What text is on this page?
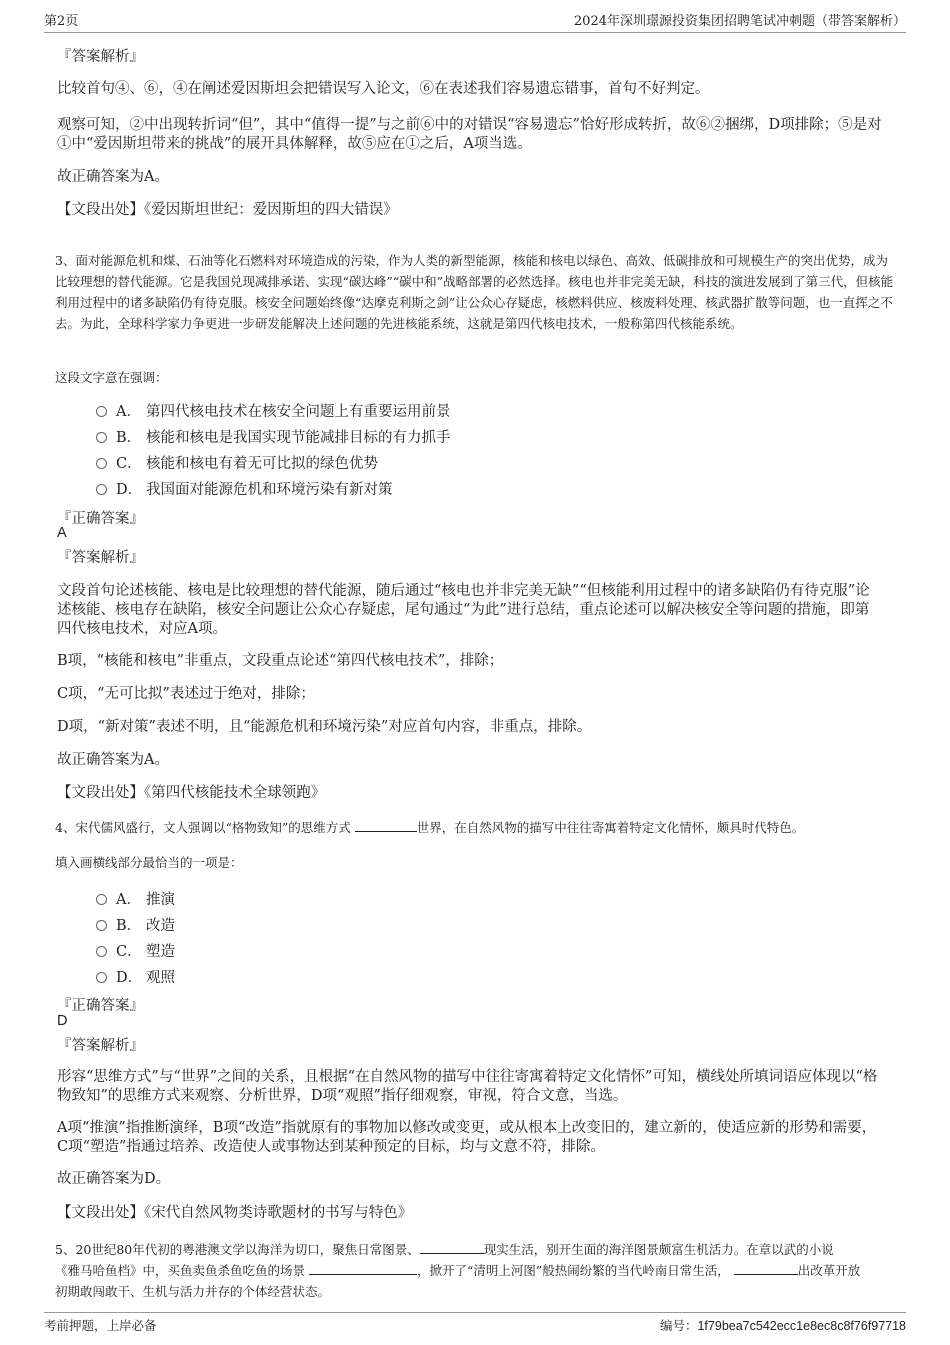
第2页	2024年深圳璟源投资集团招聘笔试冲刺题（带答案解析）
『答案解析』

比较首句④、⑥，④在阐述爱因斯坦会把错误写入论文，⑥在表述我们容易遗忘错事，首句不好判定。

观察可知，②中出现转折词“但”，其中“值得一提”与之前⑥中的对错误“容易遗忘”恰好形成转折，故⑥②捆绑，D项排除；⑤是对①中“爱因斯坦带来的挑战”的展开具体解释，故⑤应在①之后，A项当选。

故正确答案为A。

【文段出处】《爱因斯坦世纪：爱因斯坦的四大错误》

3、面对能源危机和煤、石油等化石燃料对环境造成的污染，作为人类的新型能源，核能和核电以绿色、高效、低碳排放和可规模生产的突出优势，成为比较理想的替代能源。它是我国兑现减排承诺、实现“碳达峰”“碳中和”战略部署的必然选择。核电也并非完美无缺，科技的演进发展到了第三代，但核能利用过程中的诸多缺陷仍有待克服。核安全问题始终像“达摩克利斯之剑”让公众心存疑虑，核燃料供应、核废料处理、核武器扩散等问题，也一直挥之不去。为此，全球科学家力争更进一步研发能解决上述问题的先进核能系统，这就是第四代核电技术，一般称第四代核能系统。

这段文字意在强调：

A． 第四代核电技术在核安全问题上有重要运用前景
B． 核能和核电是我国实现节能减排目标的有力抓手
C． 核能和核电有着无可比拟的绿色优势
D． 我国面对能源危机和环境污染有新对策
『正确答案』
A
『答案解析』

文段首句论述核能、核电是比较理想的替代能源，随后通过“核电也并非完美无缺”“但核能利用过程中的诸多缺陷仍有待克服”论述核能、核电存在缺陷，核安全问题让公众心存疑虑，尾句通过“为此”进行总结，重点论述可以解决核安全等问题的措施，即第四代核电技术，对应A项。

B项，“核能和核电”非重点，文段重点论述“第四代核电技术”，排除；

C项，“无可比拟”表述过于绝对，排除；

D项，“新对策”表述不明，且“能源危机和环境污染”对应首句内容，非重点，排除。

故正确答案为A。

【文段出处】《第四代核能技术全球领跑》

4、宋代儒风盛行，文人强调以“格物致知”的思维方式	世界，在自然风物的描写中往往寄寓着特定文化情怀，颇具时代特色。

填入画横线部分最恰当的一项是：

A． 推演
B． 改造
C． 塑造
D． 观照
『正确答案』
D
『答案解析』

形容“思维方式”与“世界”之间的关系，且根据“在自然风物的描写中往往寄寓着特定文化情怀”可知，横线处所填词语应体现以“格物致知”的思维方式来观察、分析世界，D项“观照”指仔细观察，审视，符合文意，当选。

A项“推演”指推断演绎，B项“改造”指就原有的事物加以修改或变更，或从根本上改变旧的，建立新的，使适应新的形势和需要，C项“塑造”指通过培养、改造使人或事物达到某种预定的目标，均与文意不符，排除。

故正确答案为D。

【文段出处】《宋代自然风物类诗歌题材的书写与特色》

5、20世纪80年代初的粤港澳文学以海洋为切口，聚焦日常图景、	现实生活，别开生面的海洋图景颇富生机活力。在章以武的小说
《雅马哈鱼档》中，买鱼卖鱼杀鱼吃鱼的场景	，掀开了“清明上河图”般热闹纷繁的当代岭南日常生活，	出改革开放
初期敢闯敢干、生机与活力并存的个体经营状态。

考前押题，上岸必备	编号：1f79bea7c542ecc1e8ec8c8f76f97718
